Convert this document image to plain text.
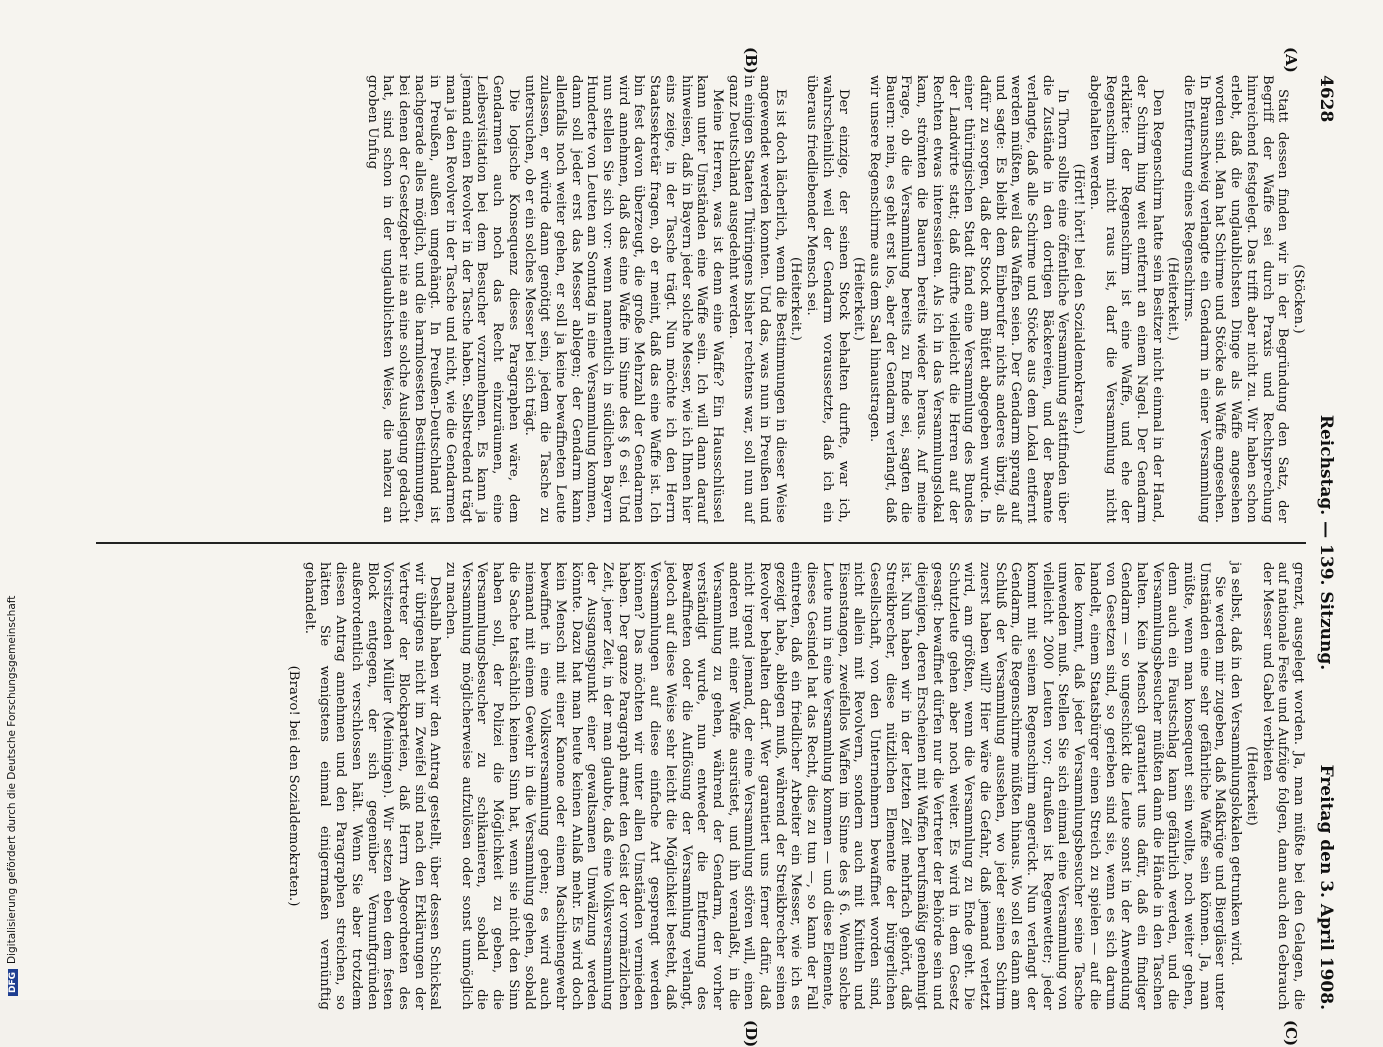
4628
Reichstag. — 139. Sitzung.
Freitag den 3. April 1908.
(A)
(B)
(C)
(D)

(Stöcken.)

Statt dessen finden wir in der Begründung den Satz, der Begriff der Waffe sei durch Praxis und Rechtsprechung hinreichend festgelegt. Das trifft aber nicht zu. Wir haben schon erlebt, daß die unglaublichsten Dinge als Waffe angesehen worden sind. Man hat Schirme und Stöcke als Waffe angesehen. In Braunschweig verlangte ein Gendarm in einer Versammlung die Entfernung eines Regenschirms.

(Heiterkeit.)

Den Regenschirm hatte sein Besitzer nicht einmal in der Hand, der Schirm hing weit entfernt an einem Nagel. Der Gendarm erklärte: der Regenschirm ist eine Waffe, und ehe der Regenschirm nicht raus ist, darf die Versammlung nicht abgehalten werden.

(Hört! hört! bei den Sozialdemokraten.)

In Thorn sollte eine öffentliche Versammlung stattfinden über die Zustände in den dortigen Bäckereien, und der Beamte verlangte, daß alle Schirme und Stöcke aus dem Lokal entfernt werden müßten, weil das Waffen seien. Der Gendarm sprang auf und sagte: Es bleibt dem Einberufer nichts anderes übrig, als dafür zu sorgen, daß der Stock am Büfett abgegeben wurde. In einer thüringischen Stadt fand eine Versammlung des Bundes der Landwirte statt; daß dürfte vielleicht die Herren auf der Rechten etwas interessieren. Als ich in das Versammlungslokal kam, strömten die Bauern bereits wieder heraus. Auf meine Frage, ob die Versammlung bereits zu Ende sei, sagten die Bauern: nein, es geht erst los, aber der Gendarm verlangt, daß wir unsere Regenschirme aus dem Saal hinaustragen.

(Heiterkeit.)

Der einzige, der seinen Stock behalten durfte, war ich, wahrscheinlich weil der Gendarm voraussetzte, daß ich ein überaus friedliebender Mensch sei.

(Heiterkeit.)

Es ist doch lächerlich, wenn die Bestimmungen in dieser Weise angewendet werden konnten. Und das, was nun in Preußen und in einigen Staaten Thüringens bisher rechtens war, soll nun auf ganz Deutschland ausgedehnt werden.

Meine Herren, was ist denn eine Waffe? Ein Hausschlüssel kann unter Umständen eine Waffe sein. Ich will dann darauf hinweisen, daß in Bayern jeder solche Messer, wie ich Ihnen hier eins zeige, in der Tasche trägt. Nun möchte ich den Herrn Staatssekretär fragen, ob er meint, daß das eine Waffe ist. Ich bin fest davon überzeugt, die große Mehrzahl der Gendarmen wird annehmen, daß das eine Waffe im Sinne des § 6 sei. Und nun stellen Sie sich vor: wenn namentlich in südlichen Bayern Hunderte von Leuten am Sonntag in eine Versammlung kommen, dann soll jeder erst das Messer ablegen; der Gendarm kann allenfalls noch weiter gehen, er soll ja keine bewaffneten Leute zulassen, er würde dann genötigt sein, jedem die Tasche zu untersuchen, ob er ein solches Messer bei sich trägt.

Die logische Konsequenz dieses Paragraphen wäre, dem Gendarmen auch noch das Recht einzuräumen, eine Leibesvisitation bei dem Besucher vorzunehmen. Es kann ja jemand einen Revolver in der Tasche haben. Selbstredend trägt man ja den Revolver in der Tasche und nicht, wie die Gendarmen in Preußen, außen umgehängt. In Preußen-Deutschland ist nachgerade alles möglich, und die harmlosesten Bestimmungen, bei denen der Gesetzgeber nie an eine solche Auslegung gedacht hat, sind schon in der unglaublichsten Weise, die nahezu an groben Unfug

grenzt, ausgelegt worden. Ja, man müßte bei den Gelagen, die auf nationale Feste und Aufzüge folgen, dann auch den Gebrauch der Messer und Gabel verbieten

(Heiterkeit)

ja selbst, daß in den Versammlungslokalen getrunken wird.

Sie werden mir zugeben, daß Maßkrüge und Biergläser unter Umständen eine sehr gefährliche Waffe sein können. Ja, man müßte, wenn man konsequent sein wollte, noch weiter gehen, denn auch ein Faustschlag kann gefährlich werden, und die Versammlungsbesucher müßten dann die Hände in den Taschen halten. Kein Mensch garantiert uns dafür, daß ein findiger Gendarm — so ungeschickt die Leute sonst in der Anwendung von Gesetzen sind, so gerieben sind sie, wenn es sich darum handelt, einem Staatsbürger einen Streich zu spielen — auf die Idee kommt, daß jeder Versammlungsbesucher seine Tasche umwenden muß. Stellen Sie sich einmal eine Versammlung von vielleicht 2000 Leuten vor; draußen ist Regenwetter; jeder kommt mit seinem Regenschirm angerückt. Nun verlangt der Gendarm, die Regenschirme müßten hinaus. Wo soll es dann am Schluß der Versammlung aussehen, wo jeder seinen Schirm zuerst haben will? Hier wäre die Gefahr, daß jemand verletzt wird, am größten, wenn die Versammlung zu Ende geht. Die Schutzleute gehen aber noch weiter. Es wird in dem Gesetz gesagt: bewaffnet dürfen nur die Vertreter der Behörde sein und diejenigen, deren Erscheinen mit Waffen berufsmäßig genehmigt ist. Nun haben wir in der letzten Zeit mehrfach gehört, daß Streikbrecher, diese nützlichen Elemente der bürgerlichen Gesellschaft, von den Unternehmern bewaffnet worden sind, nicht allein mit Revolvern, sondern auch mit Knitteln und Eisenstangen, zweifellos Waffen im Sinne des § 6. Wenn solche Leute nun in eine Versammlung kommen — und diese Elemente, dieses Gesindel hat das Recht, dies zu tun —, so kann der Fall eintreten, daß ein friedlicher Arbeiter ein Messer, wie ich es gezeigt habe, ablegen muß, während der Streikbrecher seinen Revolver behalten darf. Wer garantiert uns ferner dafür, daß nicht irgend jemand, der eine Versammlung stören will, einen anderen mit einer Waffe ausrüstet, und ihn veranlaßt, in die Versammlung zu gehen, während der Gendarm, der vorher verständigt wurde, nun entweder die Entfernung des Bewaffneten oder die Auflösung der Versammlung verlangt, jedoch auf diese Weise sehr leicht die Möglichkeit besteht, daß Versammlungen auf diese einfache Art gesprengt werden können? Das möchten wir unter allen Umständen vermieden haben. Der ganze Paragraph atmet den Geist der vormärzlichen Zeit, jener Zeit, in der man glaubte, daß eine Volksversammlung der Ausgangspunkt einer gewaltsamen Umwälzung werden könnte. Dazu hat man heute keinen Anlaß mehr. Es wird doch kein Mensch mit einer Kanone oder einem Maschinengewehr bewaffnet in eine Volksversammlung gehen; es wird auch niemand mit einem Gewehr in die Versammlung gehen, sobald die Sache tatsächlich keinen Sinn hat, wenn sie nicht den Sinn haben soll, der Polizei die Möglichkeit zu geben, die Versammlungsbesucher zu schikanieren, sobald die Versammlung möglicherweise aufzulösen oder sonst unmöglich zu machen.

Deshalb haben wir den Antrag gestellt, über dessen Schicksal wir übrigens nicht im Zweifel sind nach den Erklärungen der Vertreter der Blockparteien, daß Herrn Abgeordneten des Vorsitzenden Müller (Meiningen). Wir setzen eben dem festen Block entgegen, der sich gegenüber Vernunftgründen außerordentlich verschlossen hält. Wenn Sie aber trotzdem diesen Antrag annehmen und den Paragraphen streichen, so hätten Sie wenigstens einmal einigermaßen vernünftig gehandelt.

(Bravo! bei den Sozialdemokraten.)

DFGDigitalisierung gefördert durch die Deutsche Forschungsgemeinschaft
